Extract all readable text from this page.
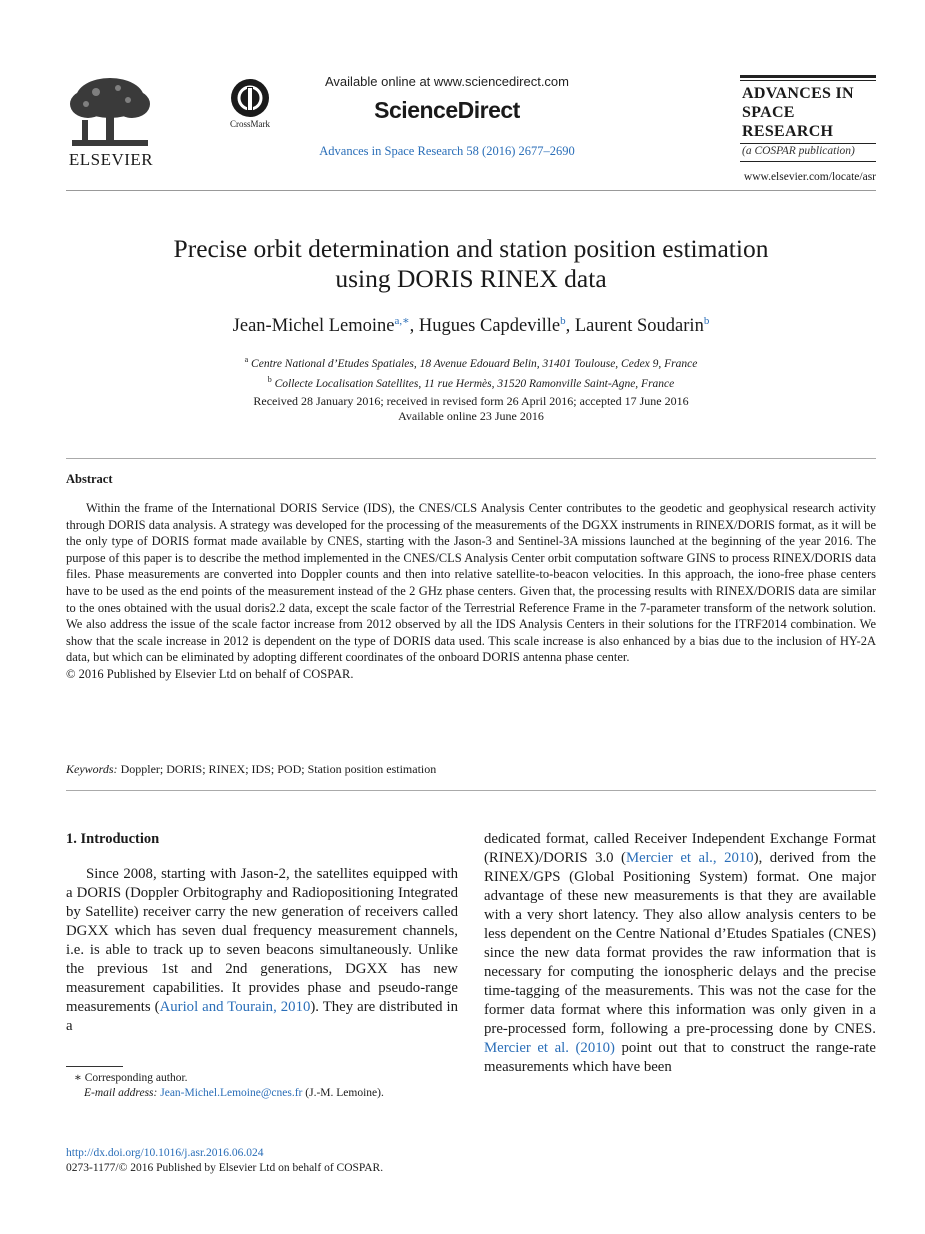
ELSEVIER
CrossMark
Available online at www.sciencedirect.com
ScienceDirect
Advances in Space Research 58 (2016) 2677–2690
ADVANCES IN
SPACE
RESEARCH
(a COSPAR publication)
www.elsevier.com/locate/asr
Precise orbit determination and station position estimation
using DORIS RINEX data
Jean-Michel Lemoine$^{a,∗}$, Hugues Capdeville$^b$, Laurent Soudarin$^b$
$^a$ Centre National d’Etudes Spatiales, 18 Avenue Edouard Belin, 31401 Toulouse, Cedex 9, France
$^b$ Collecte Localisation Satellites, 11 rue Hermès, 31520 Ramonville Saint-Agne, France
Received 28 January 2016; received in revised form 26 April 2016; accepted 17 June 2016
Available online 23 June 2016
Abstract

Within the frame of the International DORIS Service (IDS), the CNES/CLS Analysis Center contributes to the geodetic and geophysical research activity through DORIS data analysis. A strategy was developed for the processing of the measurements of the DGXX instruments in RINEX/DORIS format, as it will be the only type of DORIS format made available by CNES, starting with the Jason-3 and Sentinel-3A missions launched at the beginning of the year 2016. The purpose of this paper is to describe the method implemented in the CNES/CLS Analysis Center orbit computation software GINS to process RINEX/DORIS data files. Phase measurements are converted into Doppler counts and then into relative satellite-to-beacon velocities. In this approach, the iono-free phase centers have to be used as the end points of the measurement instead of the 2 GHz phase centers. Given that, the processing results with RINEX/DORIS data are similar to the ones obtained with the usual doris2.2 data, except the scale factor of the Terrestrial Reference Frame in the 7-parameter transform of the network solution. We also address the issue of the scale factor increase from 2012 observed by all the IDS Analysis Centers in their solutions for the ITRF2014 combination. We show that the scale increase in 2012 is dependent on the type of DORIS data used. This scale increase is also enhanced by a bias due to the inclusion of HY-2A data, but which can be eliminated by adopting different coordinates of the onboard DORIS antenna phase center.

© 2016 Published by Elsevier Ltd on behalf of COSPAR.

Keywords: Doppler; DORIS; RINEX; IDS; POD; Station position estimation
1. Introduction

Since 2008, starting with Jason-2, the satellites equipped with a DORIS (Doppler Orbitography and Radiopositioning Integrated by Satellite) receiver carry the new generation of receivers called DGXX which has seven dual frequency measurement channels, i.e. is able to track up to seven beacons simultaneously. Unlike the previous 1st and 2nd generations, DGXX has new measurement capabilities. It provides phase and pseudo-range measurements (Auriol and Tourain, 2010). They are distributed in a

dedicated format, called Receiver Independent Exchange Format (RINEX)/DORIS 3.0 (Mercier et al., 2010), derived from the RINEX/GPS (Global Positioning System) format. One major advantage of these new measurements is that they are available with a very short latency. They also allow analysis centers to be less dependent on the Centre National d’Etudes Spatiales (CNES) since the new data format provides the raw information that is necessary for computing the ionospheric delays and the precise time-tagging of the measurements. This was not the case for the former data format where this information was only given in a pre-processed form, following a pre-processing done by CNES. Mercier et al. (2010) point out that to construct the range-rate measurements which have been

∗ Corresponding author.
E-mail address: Jean-Michel.Lemoine@cnes.fr (J.-M. Lemoine).
http://dx.doi.org/10.1016/j.asr.2016.06.024
0273-1177/© 2016 Published by Elsevier Ltd on behalf of COSPAR.
